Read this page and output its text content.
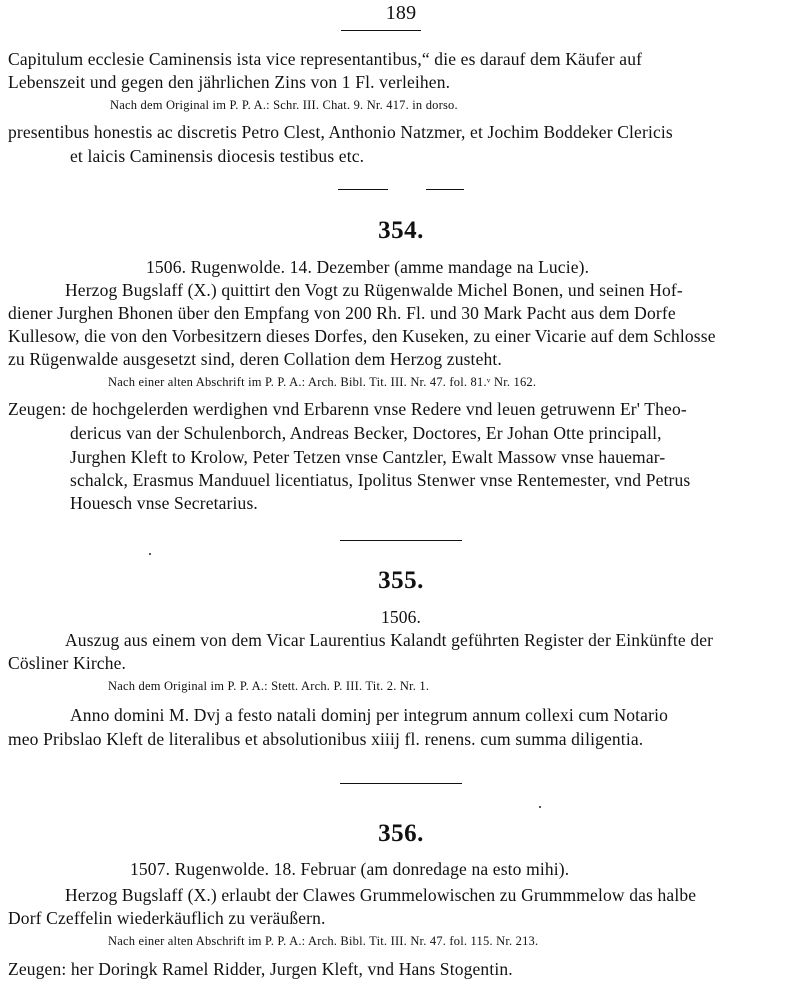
189
Capitulum ecclesie Caminensis ista vice representantibus,“ die es darauf dem Käufer auf
Lebenszeit und gegen den jährlichen Zins von 1 Fl. verleihen.
Nach dem Original im P. P. A.: Schr. III. Chat. 9. Nr. 417. in dorso.
presentibus honestis ac discretis Petro Clest, Anthonio Natzmer, et Jochim Boddeker Clericis
et laicis Caminensis diocesis testibus etc.
354.
1506. Rugenwolde. 14. Dezember (amme mandage na Lucie).
Herzog Bugslaff (X.) quittirt den Vogt zu Rügenwalde Michel Bonen, und seinen Hof-
diener Jurghen Bhonen über den Empfang von 200 Rh. Fl. und 30 Mark Pacht aus dem Dorfe
Kullesow, die von den Vorbesitzern dieses Dorfes, den Kuseken, zu einer Vicarie auf dem Schlosse
zu Rügenwalde ausgesetzt sind, deren Collation dem Herzog zusteht.
Nach einer alten Abschrift im P. P. A.: Arch. Bibl. Tit. III. Nr. 47. fol. 81.ᵛ Nr. 162.
Zeugen: de hochgelerden werdighen vnd Erbarenn vnse Redere vnd leuen getruwenn Er' Theo-
dericus van der Schulenborch, Andreas Becker, Doctores, Er Johan Otte principall,
Jurghen Kleft to Krolow, Peter Tetzen vnse Cantzler, Ewalt Massow vnse hauemar-
schalck, Erasmus Manduuel licentiatus, Ipolitus Stenwer vnse Rentemester, vnd Petrus
Houesch vnse Secretarius.
355.
1506.
Auszug aus einem von dem Vicar Laurentius Kalandt geführten Register der Einkünfte der
Cösliner Kirche.
Nach dem Original im P. P. A.: Stett. Arch. P. III. Tit. 2. Nr. 1.
Anno domini M. Dvj a festo natali dominj per integrum annum collexi cum Notario
meo Pribslao Kleft de literalibus et absolutionibus xiiij fl. renens. cum summa diligentia.
356.
1507. Rugenwolde. 18. Februar (am donredage na esto mihi).
Herzog Bugslaff (X.) erlaubt der Clawes Grummelowischen zu Grummmelow das halbe
Dorf Czeffelin wiederkäuflich zu veräußern.
Nach einer alten Abschrift im P. P. A.: Arch. Bibl. Tit. III. Nr. 47. fol. 115. Nr. 213.
Zeugen: her Doringk Ramel Ridder, Jurgen Kleft, vnd Hans Stogentin.
